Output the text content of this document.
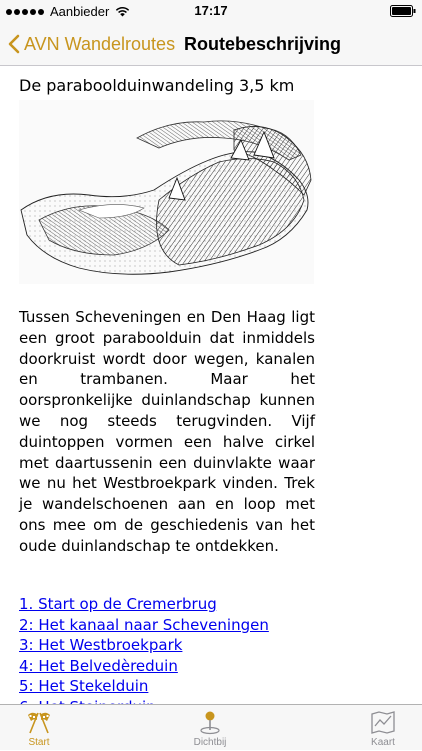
Aanbieder	17:17
AVN Wandelroutes Routebeschrijving
De paraboolduinwandeling 3,5 km
Tussen Scheveningen en Den Haag ligt een groot paraboolduin dat inmiddels doorkruist wordt door wegen, kanalen en trambanen. Maar het oorspronkelijke duinlandschap kunnen we nog steeds terugvinden. Vijf duintoppen vormen een halve cirkel met daartussenin een duinvlakte waar we nu het Westbroekpark vinden. Trek je wandelschoenen aan en loop met ons mee om de geschiedenis van het oude duinlandschap te ontdekken.
1. Start op de Cremerbrug
2: Het kanaal naar Scheveningen
3: Het Westbroekpark
4: Het Belvedèreduin
5: Het Stekelduin
Start	Dichtbij	Kaart
